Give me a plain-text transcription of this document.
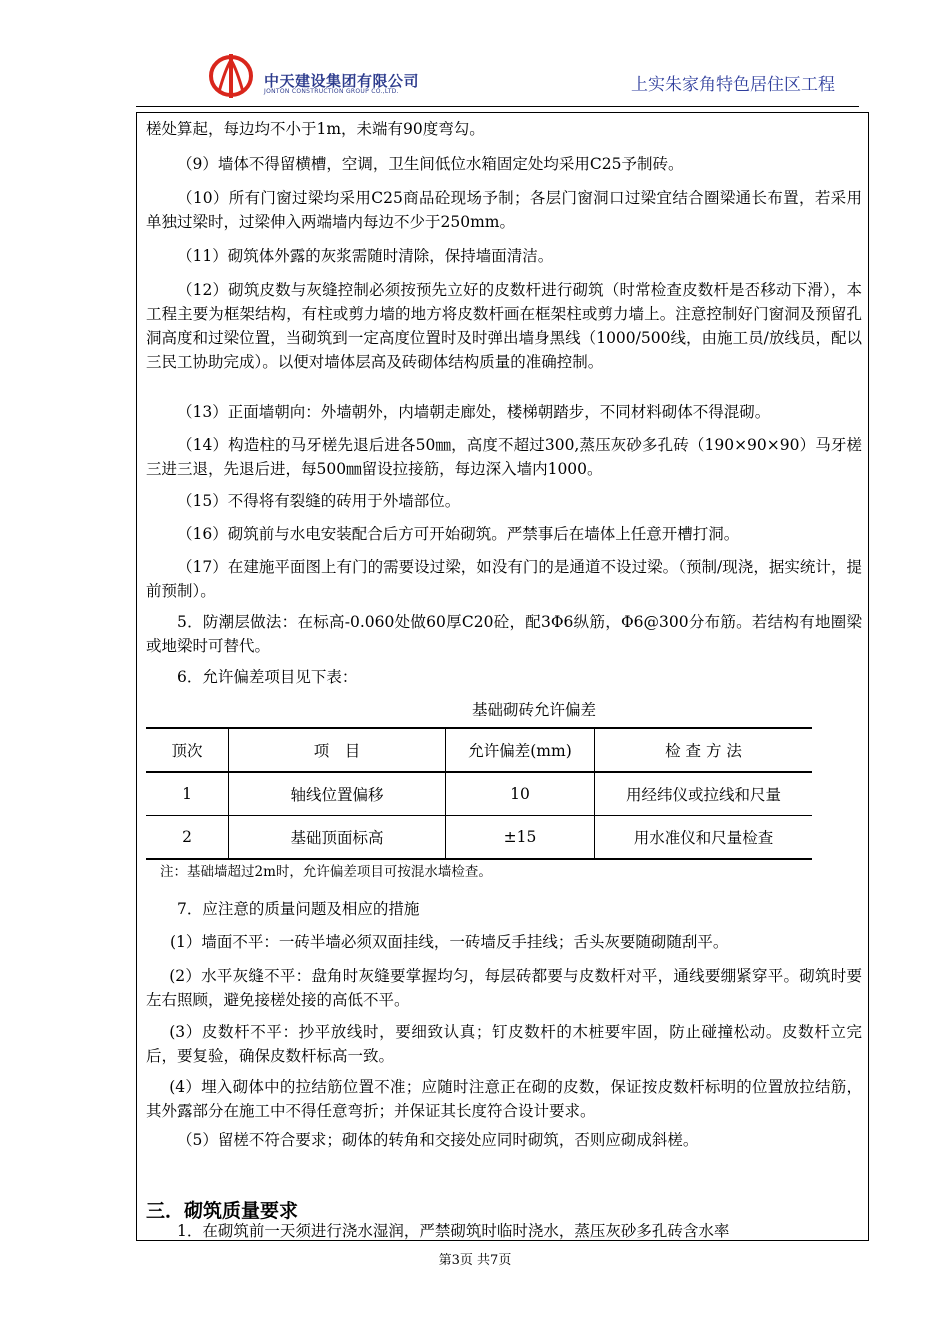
中天建设集团有限公司
JONTON CONSTRUCTION GROUP CO.,LTD.	上实朱家角特色居住区工程
槎处算起，每边均不小于1m，未端有90度弯勾。
（9）墙体不得留横槽，空调，卫生间低位水箱固定处均采用C25予制砖。
（10）所有门窗过梁均采用C25商品砼现场予制；各层门窗洞口过梁宜结合圈梁通长布置，若采用单独过梁时，过梁伸入两端墙内每边不少于250mm。
（11）砌筑体外露的灰浆需随时清除，保持墙面清洁。
（12）砌筑皮数与灰缝控制必须按预先立好的皮数杆进行砌筑（时常检查皮数杆是否移动下滑），本工程主要为框架结构，有柱或剪力墙的地方将皮数杆画在框架柱或剪力墙上。注意控制好门窗洞及预留孔洞高度和过梁位置，当砌筑到一定高度位置时及时弹出墙身黑线（1000/500线，由施工员/放线员，配以三民工协助完成）。以便对墙体层高及砖砌体结构质量的准确控制。
（13）正面墙朝向：外墙朝外，内墙朝走廊处，楼梯朝踏步，不同材料砌体不得混砌。
（14）构造柱的马牙槎先退后进各50㎜，高度不超过300,蒸压灰砂多孔砖（190×90×90）马牙槎三进三退，先退后进，每500㎜留设拉接筋，每边深入墙内1000。
（15）不得将有裂缝的砖用于外墙部位。
（16）砌筑前与水电安装配合后方可开始砌筑。严禁事后在墙体上任意开槽打洞。
（17）在建施平面图上有门的需要设过梁，如没有门的是通道不设过梁。（预制/现浇，据实统计，提前预制）。
5．防潮层做法：在标高-0.060处做60厚C20砼，配3Φ6纵筋，Φ6@300分布筋。若结构有地圈梁或地梁时可替代。
6．允许偏差项目见下表：
基础砌砖允许偏差
顶次	项　目	允许偏差(mm)	检 查 方 法
1	轴线位置偏移	10	用经纬仪或拉线和尺量
2	基础顶面标高	±15	用水准仪和尺量检查
注：基础墙超过2m时，允许偏差项目可按混水墙检查。
7．应注意的质量问题及相应的措施
(1）墙面不平：一砖半墙必须双面挂线，一砖墙反手挂线；舌头灰要随砌随刮平。
(2）水平灰缝不平：盘角时灰缝要掌握均匀，每层砖都要与皮数杆对平，通线要绷紧穿平。砌筑时要左右照顾，避免接槎处接的高低不平。
(3）皮数杆不平：抄平放线时，要细致认真；钉皮数杆的木桩要牢固，防止碰撞松动。皮数杆立完后，要复验，确保皮数杆标高一致。
(4）埋入砌体中的拉结筋位置不准；应随时注意正在砌的皮数，保证按皮数杆标明的位置放拉结筋，其外露部分在施工中不得任意弯折；并保证其长度符合设计要求。
（5）留槎不符合要求；砌体的转角和交接处应同时砌筑，否则应砌成斜槎。
三．砌筑质量要求
1．在砌筑前一天须进行浇水湿润，严禁砌筑时临时浇水，蒸压灰砂多孔砖含水率
第3页 共7页
